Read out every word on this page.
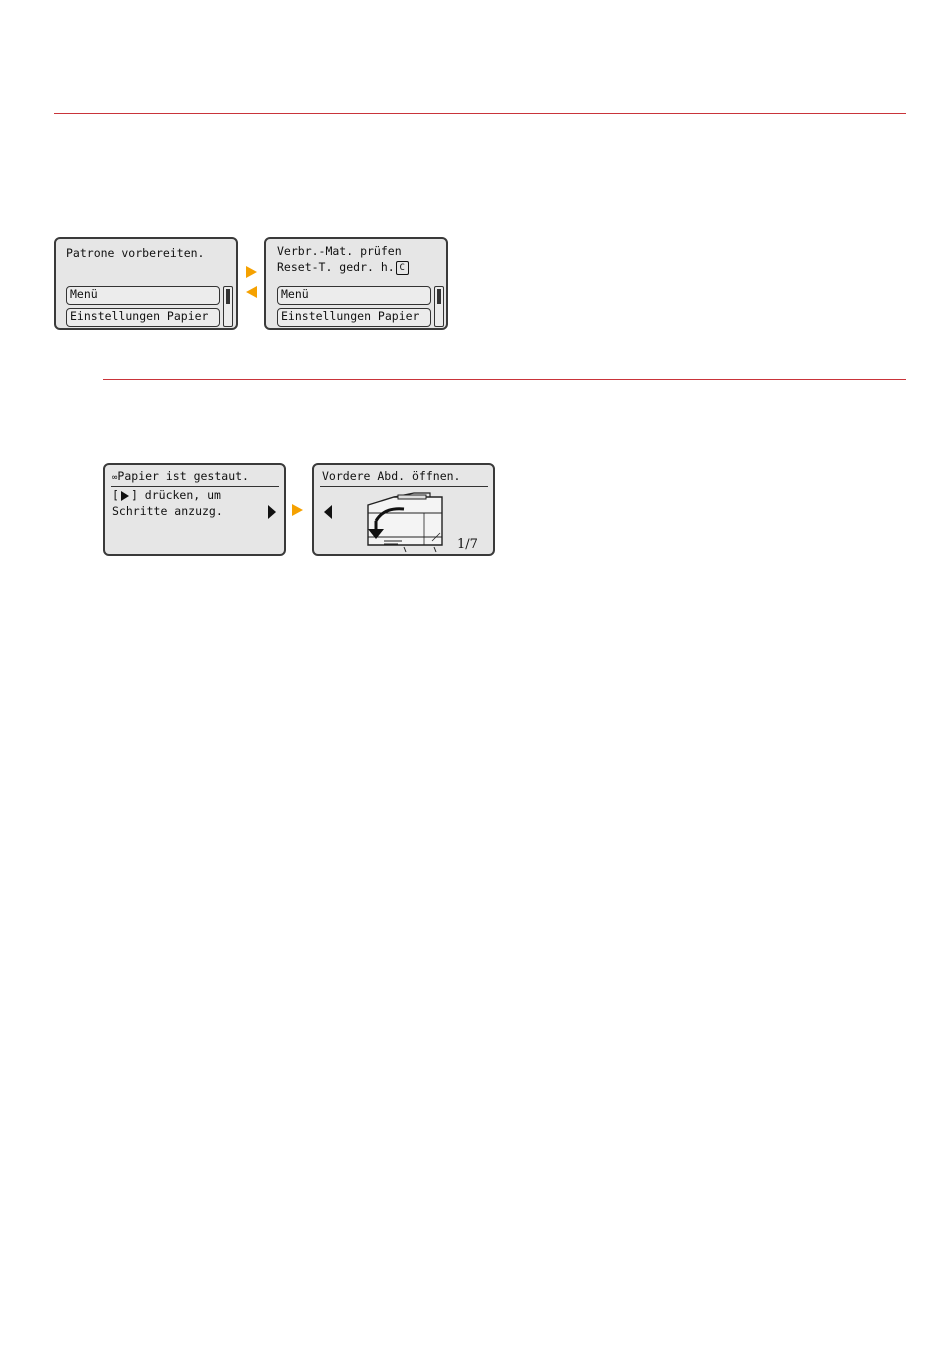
Patrone vorbereiten.
Menü
Einstellungen Papier
Verbr.-Mat. prüfen
Reset-T. gedr. h. C
Menü
Einstellungen Papier
∞Papier ist gestaut.
[ ] drücken, um
Schritte anzuzg.
Vordere Abd. öffnen.
1/7
